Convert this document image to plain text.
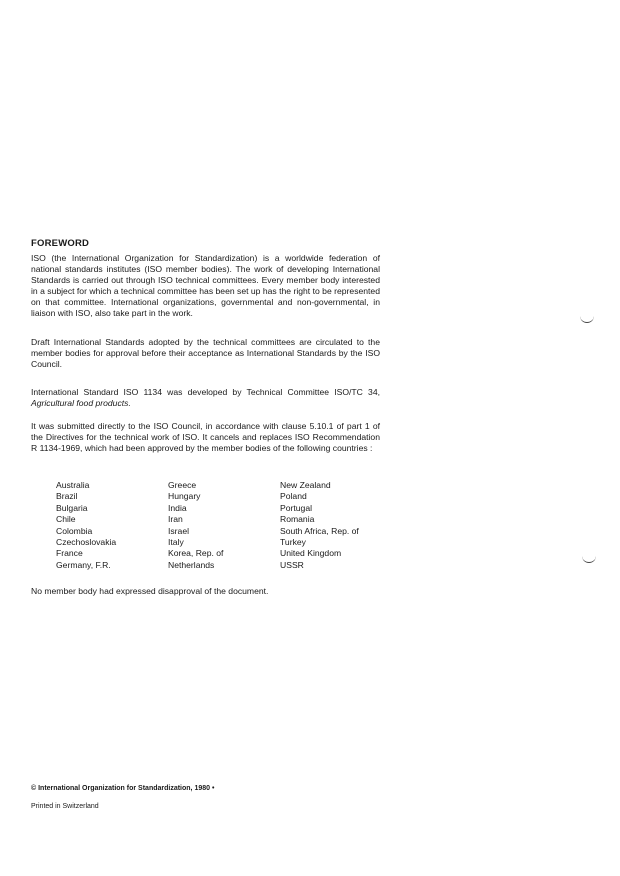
FOREWORD

ISO (the International Organization for Standardization) is a worldwide federation of national standards institutes (ISO member bodies). The work of developing International Standards is carried out through ISO technical committees. Every member body interested in a subject for which a technical committee has been set up has the right to be represented on that committee. International organizations, governmental and non-governmental, in liaison with ISO, also take part in the work.

Draft International Standards adopted by the technical committees are circulated to the member bodies for approval before their acceptance as International Standards by the ISO Council.

International Standard ISO 1134 was developed by Technical Committee ISO/TC 34, Agricultural food products.

It was submitted directly to the ISO Council, in accordance with clause 5.10.1 of part 1 of the Directives for the technical work of ISO. It cancels and replaces ISO Recommendation R 1134-1969, which had been approved by the member bodies of the following countries :

Australia	Greece	New Zealand
Brazil	Hungary	Poland
Bulgaria	India	Portugal
Chile	Iran	Romania
Colombia	Israel	South Africa, Rep. of
Czechoslovakia	Italy	Turkey
France	Korea, Rep. of	United Kingdom
Germany, F.R.	Netherlands	USSR

No member body had expressed disapproval of the document.

© International Organization for Standardization, 1980 •
Printed in Switzerland
